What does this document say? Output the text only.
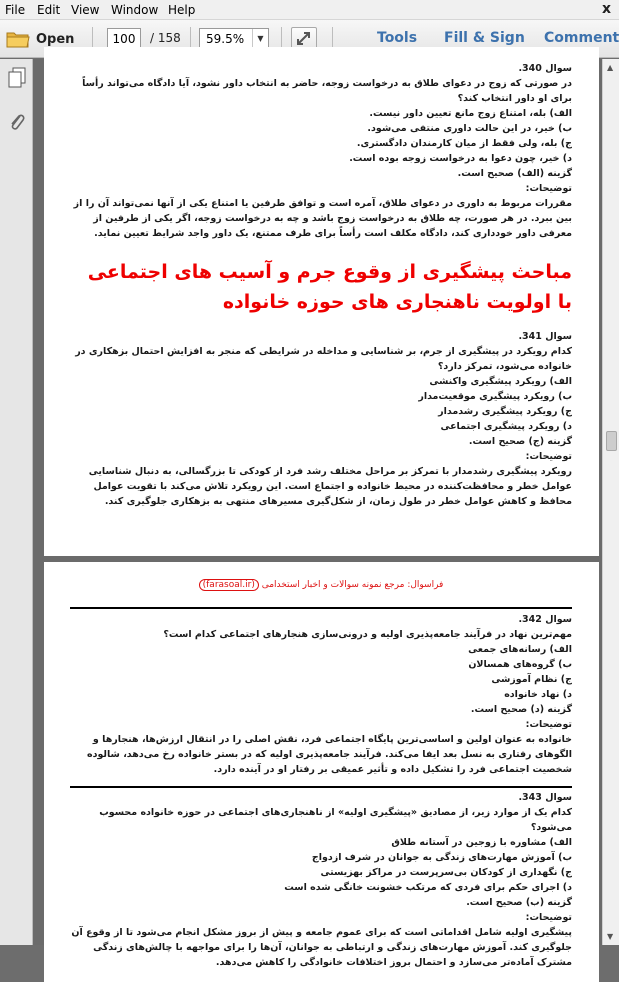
File Edit View Window Help	x
Open	100	/ 158	59.5%	▼	Tools Fill & Sign Comment
سوال 340.
در صورتی که زوج در دعوای طلاق به درخواست زوجه، حاضر به انتخاب داور نشود، آیا دادگاه می‌تواند رأساً برای او داور انتخاب کند؟
الف) بله، امتناع زوج مانع تعیین داور نیست.
ب) خیر، در این حالت داوری منتفی می‌شود.
ج) بله، ولی فقط از میان کارمندان دادگستری.
د) خیر، چون دعوا به درخواست زوجه بوده است.
گزینه (الف) صحیح است.
توضیحات:
مقررات مربوط به داوری در دعوای طلاق، آمره است و توافق طرفین یا امتناع یکی از آنها نمی‌تواند آن را از بین ببرد. در هر صورت، چه طلاق به درخواست زوج باشد و چه به درخواست زوجه، اگر یکی از طرفین از معرفی داور خودداری کند، دادگاه مکلف است رأساً برای طرف ممتنع، یک داور واجد شرایط تعیین نماید.
مباحث پیشگیری از وقوع جرم و آسیب های اجتماعی
با اولویت ناهنجاری های حوزه خانواده
سوال 341.
کدام رویکرد در پیشگیری از جرم، بر شناسایی و مداخله در شرایطی که منجر به افزایش احتمال بزهکاری در خانواده می‌شود، تمرکز دارد؟
الف) رویکرد پیشگیری واکنشی
ب) رویکرد پیشگیری موقعیت‌مدار
ج) رویکرد پیشگیری رشدمدار
د) رویکرد پیشگیری اجتماعی
گزینه (ج) صحیح است.
توضیحات:
رویکرد پیشگیری رشدمدار با تمرکز بر مراحل مختلف رشد فرد از کودکی تا بزرگسالی، به دنبال شناسایی عوامل خطر و محافظت‌کننده در محیط خانواده و اجتماع است. این رویکرد تلاش می‌کند با تقویت عوامل محافظ و کاهش عوامل خطر در طول زمان، از شکل‌گیری مسیرهای منتهی به بزهکاری جلوگیری کند.
فراسوال: مرجع نمونه سوالات و اخبار استخدامی (farasoal.ir)
سوال 342.
مهم‌ترین نهاد در فرآیند جامعه‌پذیری اولیه و درونی‌سازی هنجارهای اجتماعی کدام است؟
الف) رسانه‌های جمعی
ب) گروه‌های همسالان
ج) نظام آموزشی
د) نهاد خانواده
گزینه (د) صحیح است.
توضیحات:
خانواده به عنوان اولین و اساسی‌ترین پایگاه اجتماعی فرد، نقش اصلی را در انتقال ارزش‌ها، هنجارها و الگوهای رفتاری به نسل بعد ایفا می‌کند. فرآیند جامعه‌پذیری اولیه که در بستر خانواده رخ می‌دهد، شالوده شخصیت اجتماعی فرد را تشکیل داده و تأثیر عمیقی بر رفتار او در آینده دارد.
سوال 343.
کدام یک از موارد زیر، از مصادیق «پیشگیری اولیه» از ناهنجاری‌های اجتماعی در حوزه خانواده محسوب می‌شود؟
الف) مشاوره با زوجین در آستانه طلاق
ب) آموزش مهارت‌های زندگی به جوانان در شرف ازدواج
ج) نگهداری از کودکان بی‌سرپرست در مراکز بهزیستی
د) اجرای حکم برای فردی که مرتکب خشونت خانگی شده است
گزینه (ب) صحیح است.
توضیحات:
پیشگیری اولیه شامل اقداماتی است که برای عموم جامعه و پیش از بروز مشکل انجام می‌شود تا از وقوع آن جلوگیری کند. آموزش مهارت‌های زندگی و ارتباطی به جوانان، آن‌ها را برای مواجهه با چالش‌های زندگی مشترک آماده‌تر می‌سازد و احتمال بروز اختلافات خانوادگی را کاهش می‌دهد.
▲
▼
